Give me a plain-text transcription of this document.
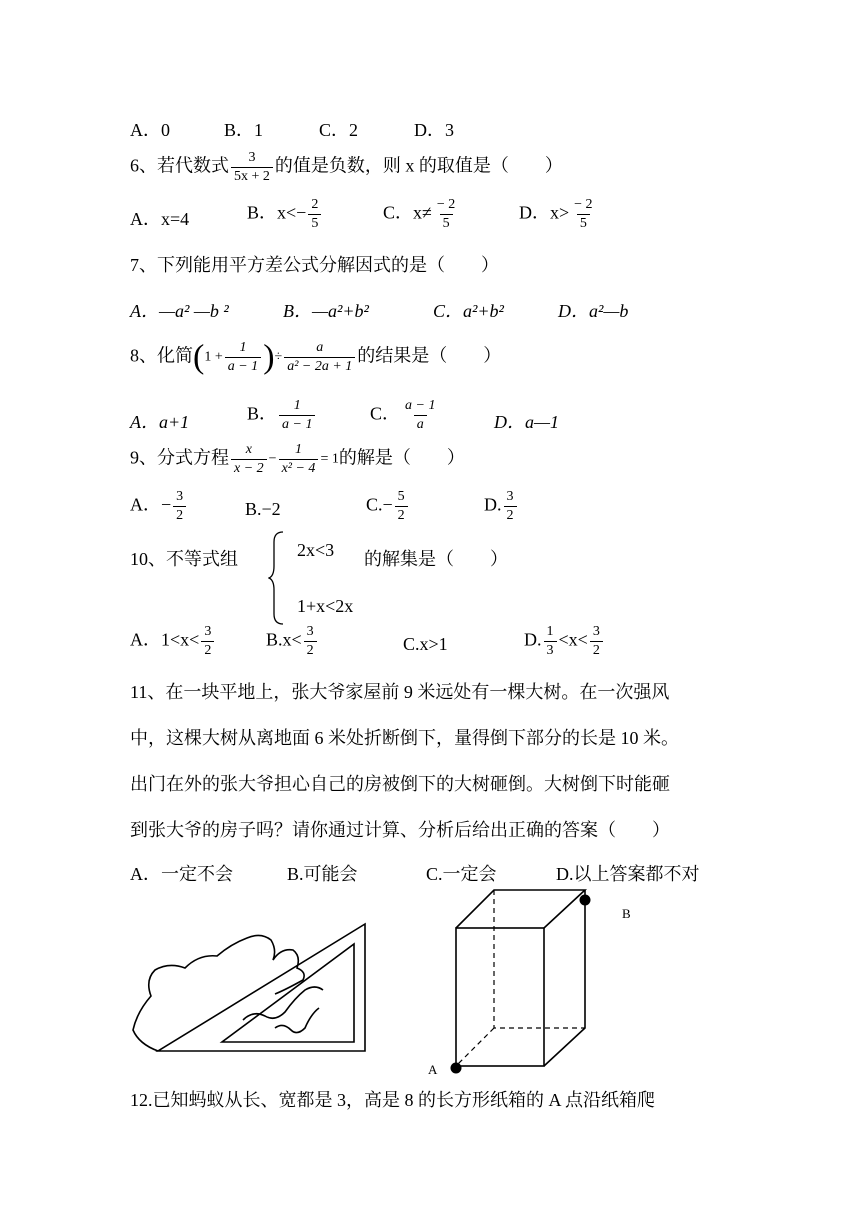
A．0	B．1	C．2	D．3
6、若代数式 $\frac{3}{5x + 2}$ 的值是负数，则 x 的取值是（　　）
A．x=4	B．$x<- \frac{2}{5}$	C．$x\ne \frac{- 2}{5}$	D．$x> \frac{- 2}{5}$
7、下列能用平方差公式分解因式的是（　　）
A．—a² —b ²	B．—a²+b²	C．a²+b²	D．a²—b
8、化简($1 + \frac{1}{a - 1}$ )÷ $\frac{a}{\text{a² − 2a + 1}}$ 的结果是（　　）
A．a+1	B． $\frac{1}{a - 1}$	C． $\frac{a - 1}{a}$	D．a—1
9、分式方程 $\frac{x}{x - 2} - \frac{1}{\text{x² − 4}} = 1$的解是（　　）
A．− $\frac{3}{2}$	B.−2	$C.- \frac{5}{2}$	D. $\frac{3}{2}$
10、不等式组	2x<3 的解集是（　　）
1+x<2x
A．$1<x< \frac{3}{2}$	$B.x< \frac{3}{2}$	C.x>1	D. $\frac{1}{3} <x< \frac{3}{2}$
11、在一块平地上，张大爷家屋前 9 米远处有一棵大树。在一次强风
中，这棵大树从离地面 6 米处折断倒下，量得倒下部分的长是 10 米。
出门在外的张大爷担心自己的房被倒下的大树砸倒。大树倒下时能砸
到张大爷的房子吗？请你通过计算、分析后给出正确的答案（　　）
A．一定不会	B.可能会	C.一定会	D.以上答案都不对
B
A
12.已知蚂蚁从长、宽都是 3，高是 8 的长方形纸箱的 A 点沿纸箱爬
